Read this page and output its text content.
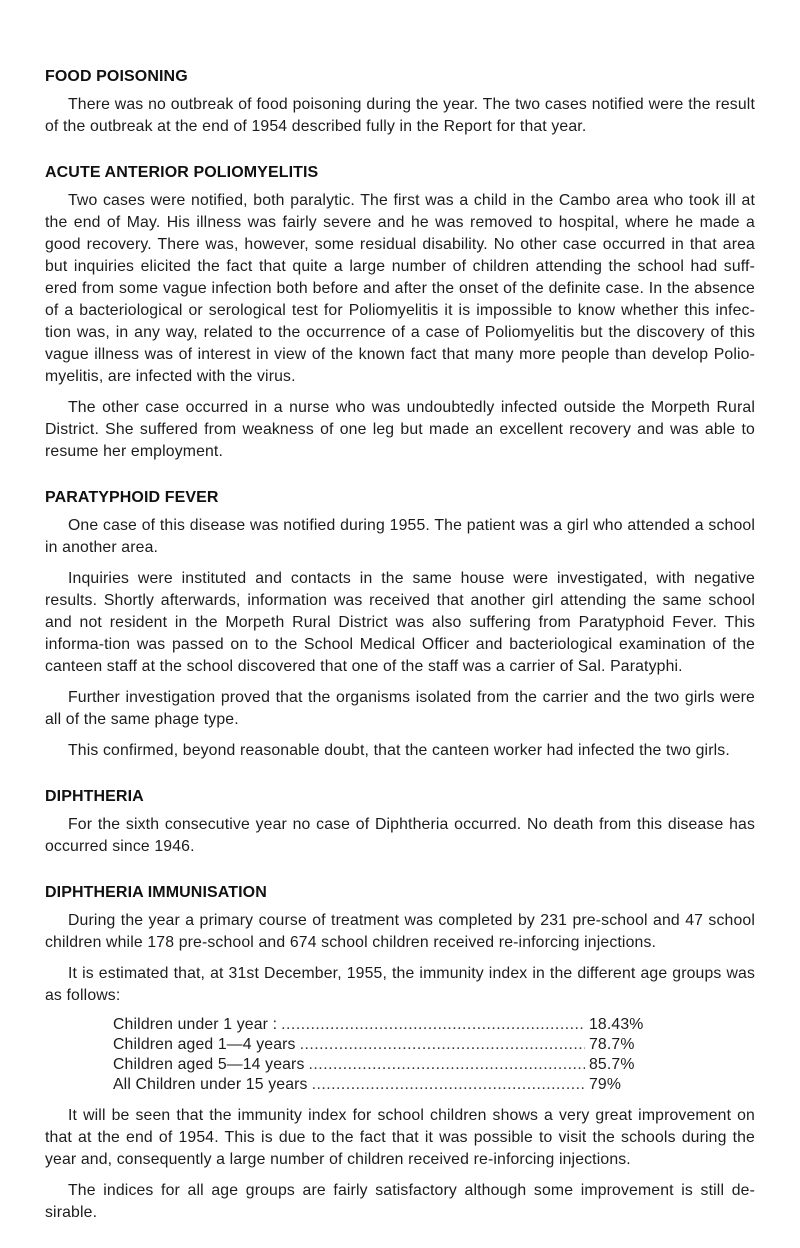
FOOD POISONING

There was no outbreak of food poisoning during the year. The two cases notified were the result of the outbreak at the end of 1954 described fully in the Report for that year.

ACUTE ANTERIOR POLIOMYELITIS

Two cases were notified, both paralytic. The first was a child in the Cambo area who took ill at the end of May. His illness was fairly severe and he was removed to hospital, where he made a good recovery. There was, however, some residual disability. No other case occurred in that area but inquiries elicited the fact that quite a large number of children attending the school had suff-ered from some vague infection both before and after the onset of the definite case. In the absence of a bacteriological or serological test for Poliomyelitis it is impossible to know whether this infec-tion was, in any way, related to the occurrence of a case of Poliomyelitis but the discovery of this vague illness was of interest in view of the known fact that many more people than develop Polio-myelitis, are infected with the virus.

The other case occurred in a nurse who was undoubtedly infected outside the Morpeth Rural District. She suffered from weakness of one leg but made an excellent recovery and was able to resume her employment.

PARATYPHOID FEVER

One case of this disease was notified during 1955. The patient was a girl who attended a school in another area.

Inquiries were instituted and contacts in the same house were investigated, with negative results. Shortly afterwards, information was received that another girl attending the same school and not resident in the Morpeth Rural District was also suffering from Paratyphoid Fever. This informa-tion was passed on to the School Medical Officer and bacteriological examination of the canteen staff at the school discovered that one of the staff was a carrier of Sal. Paratyphi.

Further investigation proved that the organisms isolated from the carrier and the two girls were all of the same phage type.

This confirmed, beyond reasonable doubt, that the canteen worker had infected the two girls.

DIPHTHERIA

For the sixth consecutive year no case of Diphtheria occurred. No death from this disease has occurred since 1946.

DIPHTHERIA IMMUNISATION

During the year a primary course of treatment was completed by 231 pre-school and 47 school children while 178 pre-school and 674 school children received re-inforcing injections.

It is estimated that, at 31st December, 1955, the immunity index in the different age groups was as follows:

Children under 1 year : .....	18.43%
Children aged 1—4 years .....	78.7%
Children aged 5—14 years .....	85.7%
All Children under 15 years .....	79%

It will be seen that the immunity index for school children shows a very great improvement on that at the end of 1954. This is due to the fact that it was possible to visit the schools during the year and, consequently a large number of children received re-inforcing injections.

The indices for all age groups are fairly satisfactory although some improvement is still de-sirable.
